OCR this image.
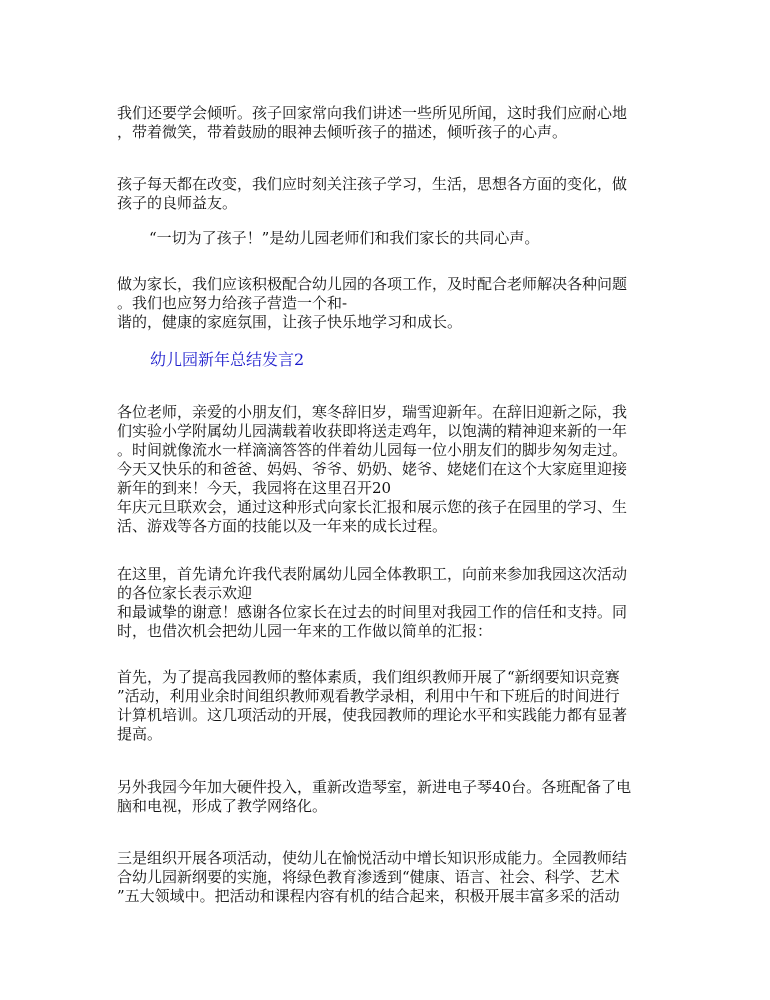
我们还要学会倾听。孩子回家常向我们讲述一些所见所闻，这时我们应耐心地
，带着微笑，带着鼓励的眼神去倾听孩子的描述，倾听孩子的心声。
孩子每天都在改变，我们应时刻关注孩子学习，生活，思想各方面的变化，做
孩子的良师益友。
“一切为了孩子！”是幼儿园老师们和我们家长的共同心声。
做为家长，我们应该积极配合幼儿园的各项工作，及时配合老师解决各种问题
。我们也应努力给孩子营造一个和-
谐的，健康的家庭氛围，让孩子快乐地学习和成长。
幼儿园新年总结发言2
各位老师，亲爱的小朋友们，寒冬辞旧岁，瑞雪迎新年。在辞旧迎新之际，我
们实验小学附属幼儿园满载着收获即将送走鸡年，以饱满的精神迎来新的一年
。时间就像流水一样滴滴答答的伴着幼儿园每一位小朋友们的脚步匆匆走过。
今天又快乐的和爸爸、妈妈、爷爷、奶奶、姥爷、姥姥们在这个大家庭里迎接
新年的到来！今天，我园将在这里召开20
年庆元旦联欢会，通过这种形式向家长汇报和展示您的孩子在园里的学习、生
活、游戏等各方面的技能以及一年来的成长过程。
在这里，首先请允许我代表附属幼儿园全体教职工，向前来参加我园这次活动
的各位家长表示欢迎
和最诚挚的谢意！感谢各位家长在过去的时间里对我园工作的信任和支持。同
时，也借次机会把幼儿园一年来的工作做以简单的汇报：
首先，为了提高我园教师的整体素质，我们组织教师开展了“新纲要知识竞赛
”活动，利用业余时间组织教师观看教学录相，利用中午和下班后的时间进行
计算机培训。这几项活动的开展，使我园教师的理论水平和实践能力都有显著
提高。
另外我园今年加大硬件投入，重新改造琴室，新进电子琴40台。各班配备了电
脑和电视，形成了教学网络化。
三是组织开展各项活动，使幼儿在愉悦活动中增长知识形成能力。全园教师结
合幼儿园新纲要的实施，将绿色教育渗透到“健康、语言、社会、科学、艺术
”五大领域中。把活动和课程内容有机的结合起来，积极开展丰富多采的活动
